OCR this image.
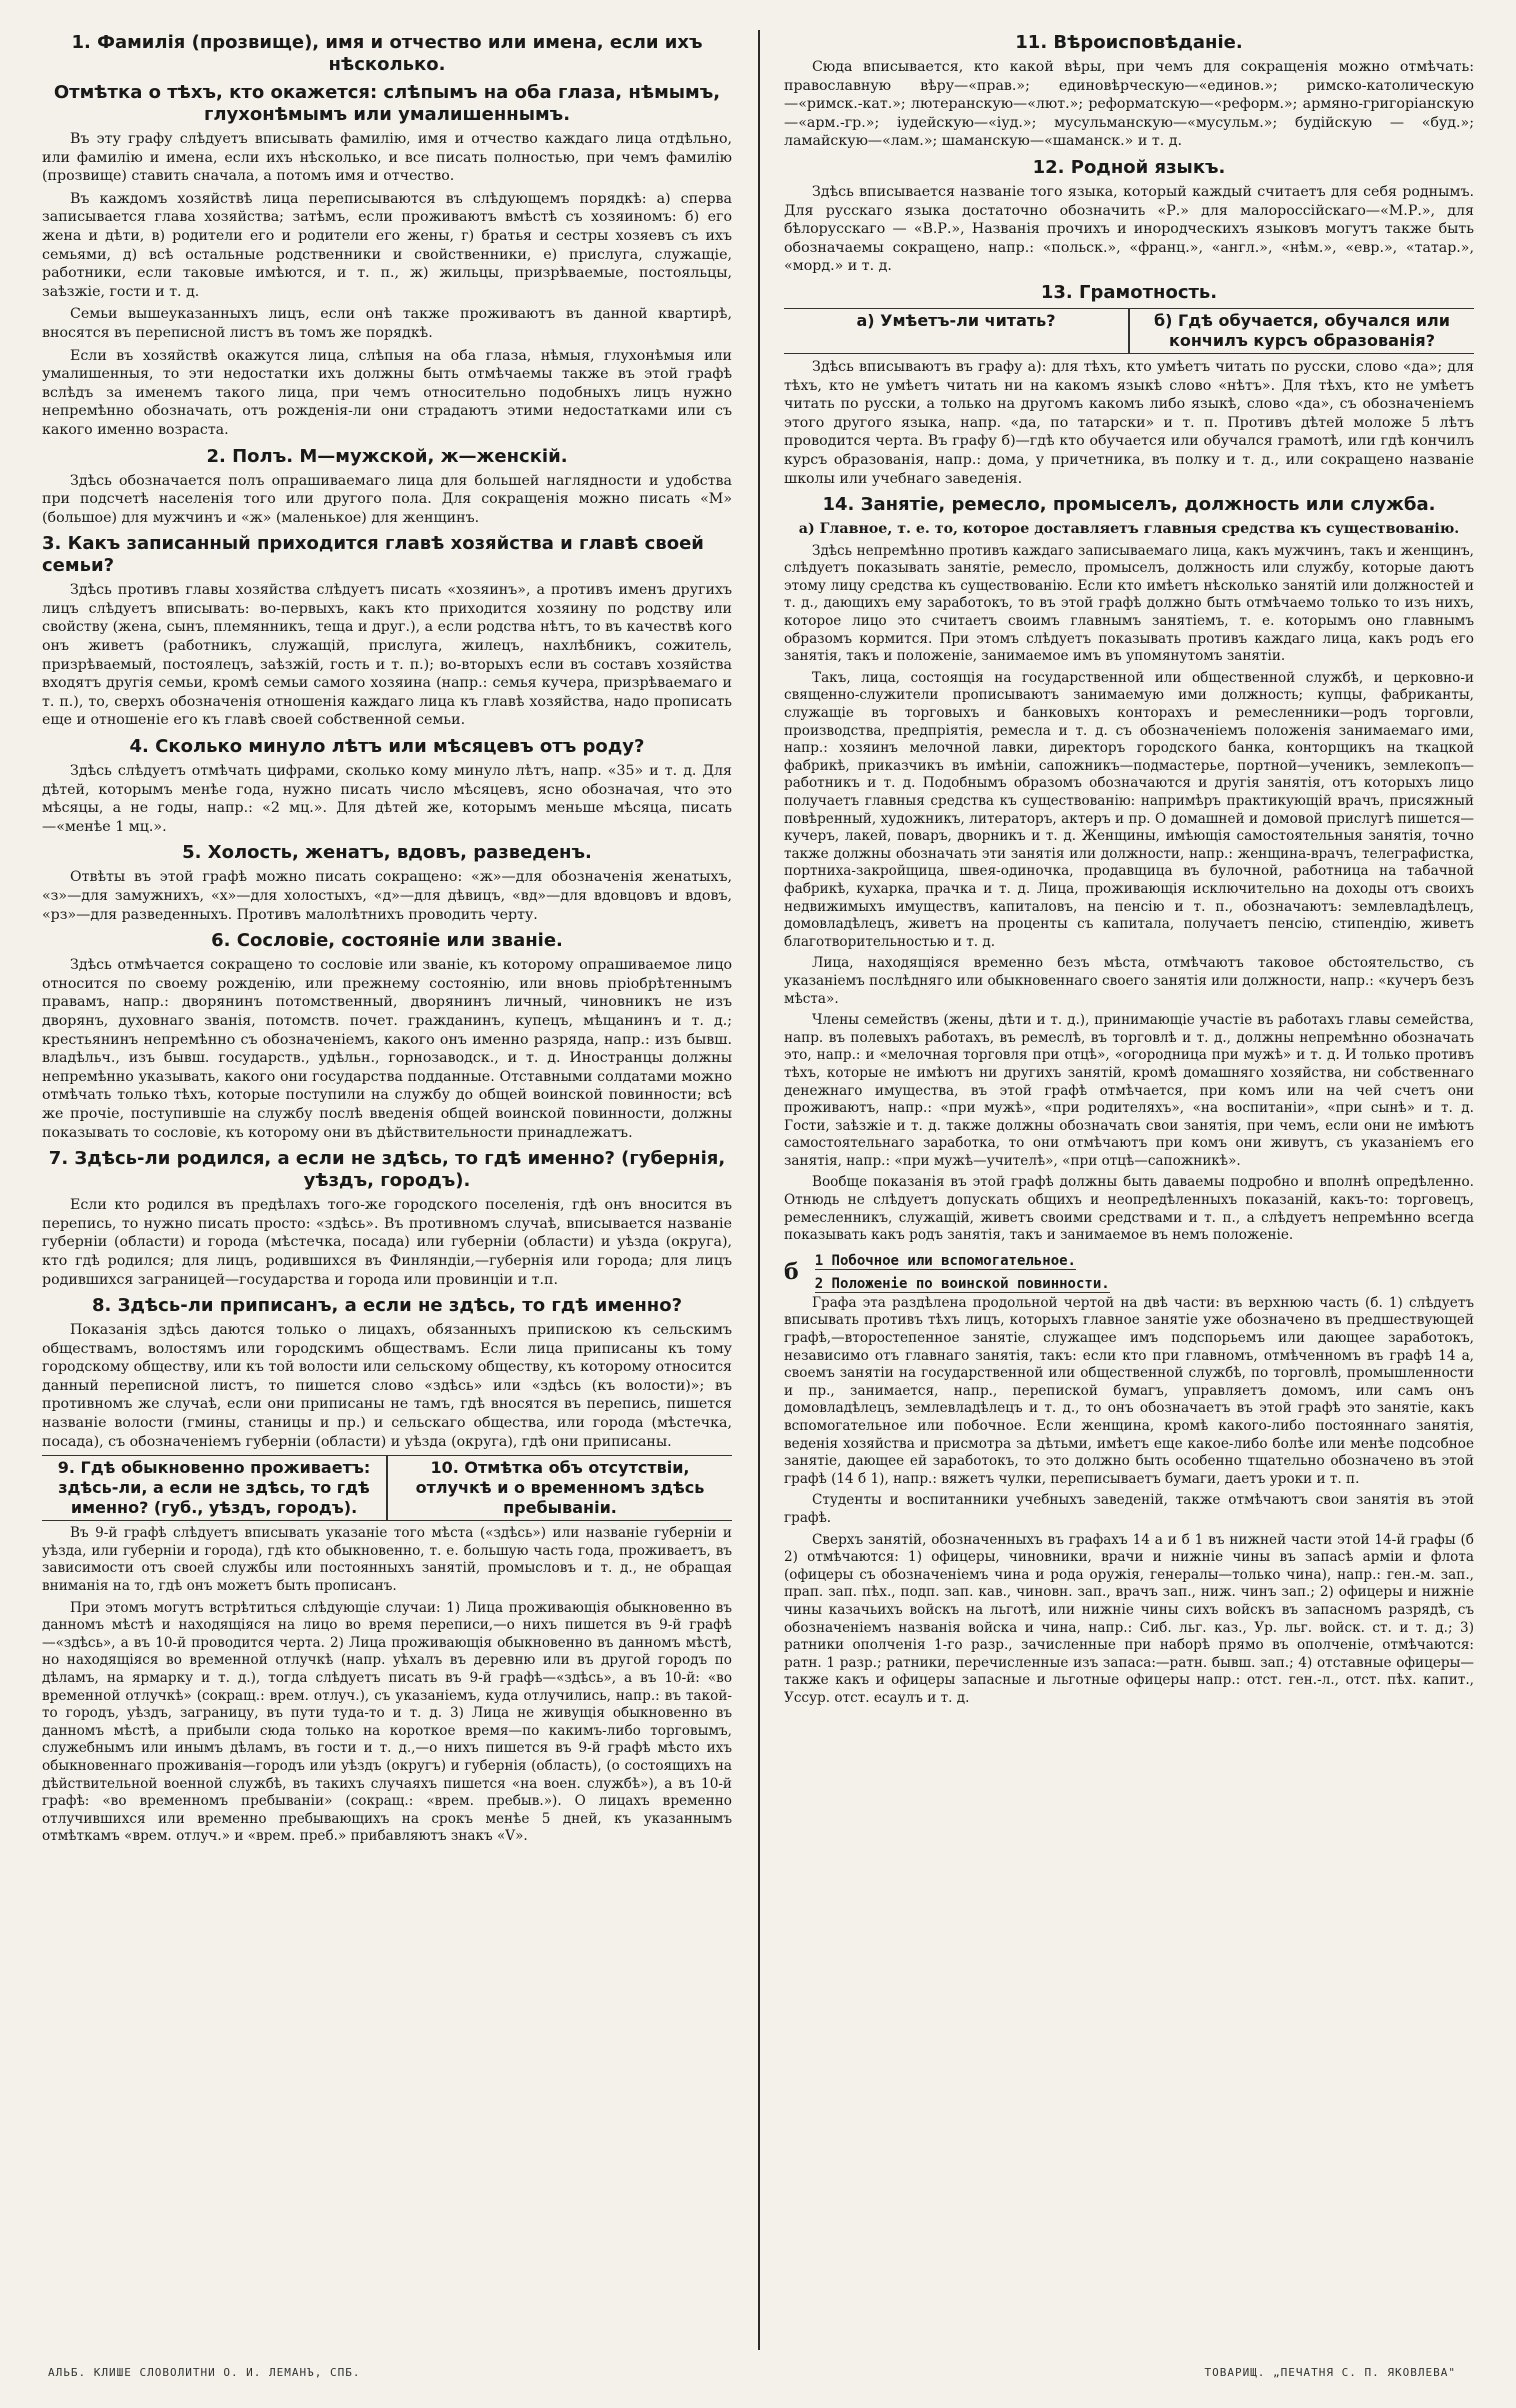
1. Фамилія (прозвище), имя и отчество или имена, если ихъ нѣсколько.
Отмѣтка о тѣхъ, кто окажется: слѣпымъ на оба глаза, нѣмымъ, глухонѣмымъ или умалишеннымъ.

Въ эту графу слѣдуетъ вписывать фамилію, имя и отчество каждаго лица отдѣльно, или фамилію и имена, если ихъ нѣсколько, и все писать полностью, при чемъ фамилію (прозвище) ставить сначала, а потомъ имя и отчество.

Въ каждомъ хозяйствѣ лица переписываются въ слѣдующемъ порядкѣ: а) сперва записывается глава хозяйства; затѣмъ, если проживаютъ вмѣстѣ съ хозяиномъ: б) его жена и дѣти, в) родители его и родители его жены, г) братья и сестры хозяевъ съ ихъ семьями, д) всѣ остальные родственники и свойственники, е) прислуга, служащіе, работники, если таковые имѣются, и т. п., ж) жильцы, призрѣваемые, постояльцы, заѣзжіе, гости и т. д.

Семьи вышеуказанныхъ лицъ, если онѣ также проживаютъ въ данной квартирѣ, вносятся въ переписной листъ въ томъ же порядкѣ.

Если въ хозяйствѣ окажутся лица, слѣпыя на оба глаза, нѣмыя, глухонѣмыя или умалишенныя, то эти недостатки ихъ должны быть отмѣчаемы также въ этой графѣ вслѣдъ за именемъ такого лица, при чемъ относительно подобныхъ лицъ нужно непремѣнно обозначать, отъ рожденія-ли они страдаютъ этими недостатками или съ какого именно возраста.

2. Полъ. М—мужской, ж—женскій.

Здѣсь обозначается полъ опрашиваемаго лица для большей наглядности и удобства при подсчетѣ населенія того или другого пола. Для сокращенія можно писать «М» (большое) для мужчинъ и «ж» (маленькое) для женщинъ.

3. Какъ записанный приходится главѣ хозяйства и главѣ своей семьи?

Здѣсь противъ главы хозяйства слѣдуетъ писать «хозяинъ», а противъ именъ другихъ лицъ слѣдуетъ вписывать: во-первыхъ, какъ кто приходится хозяину по родству или свойству (жена, сынъ, племянникъ, теща и друг.), а если родства нѣтъ, то въ качествѣ кого онъ живетъ (работникъ, служащій, прислуга, жилецъ, нахлѣбникъ, сожитель, призрѣваемый, постоялецъ, заѣзжій, гость и т. п.); во-вторыхъ если въ составъ хозяйства входятъ другія семьи, кромѣ семьи самого хозяина (напр.: семья кучера, призрѣваемаго и т. п.), то, сверхъ обозначенія отношенія каждаго лица къ главѣ хозяйства, надо прописать еще и отношеніе его къ главѣ своей собственной семьи.

4. Сколько минуло лѣтъ или мѣсяцевъ отъ роду?

Здѣсь слѣдуетъ отмѣчать цифрами, сколько кому минуло лѣтъ, напр. «35» и т. д. Для дѣтей, которымъ менѣе года, нужно писать число мѣсяцевъ, ясно обозначая, что это мѣсяцы, а не годы, напр.: «2 мц.». Для дѣтей же, которымъ меньше мѣсяца, писать—«менѣе 1 мц.».

5. Холость, женатъ, вдовъ, разведенъ.

Отвѣты въ этой графѣ можно писать сокращено: «ж»—для обозначенія женатыхъ, «з»—для замужнихъ, «х»—для холостыхъ, «д»—для дѣвицъ, «вд»—для вдовцовъ и вдовъ, «рз»—для разведенныхъ. Противъ малолѣтнихъ проводить черту.

6. Сословіе, состояніе или званіе.

Здѣсь отмѣчается сокращено то сословіе или званіе, къ которому опрашиваемое лицо относится по своему рожденію, или прежнему состоянію, или вновь пріобрѣтеннымъ правамъ, напр.: дворянинъ потомственный, дворянинъ личный, чиновникъ не изъ дворянъ, духовнаго званія, потомств. почет. гражданинъ, купецъ, мѣщанинъ и т. д.; крестьянинъ непремѣнно съ обозначеніемъ, какого онъ именно разряда, напр.: изъ бывш. владѣльч., изъ бывш. государств., удѣльн., горнозаводск., и т. д. Иностранцы должны непремѣнно указывать, какого они государства подданные. Отставными солдатами можно отмѣчать только тѣхъ, которые поступили на службу до общей воинской повинности; всѣ же прочіе, поступившіе на службу послѣ введенія общей воинской повинности, должны показывать то сословіе, къ которому они въ дѣйствительности принадлежатъ.

7. Здѣсь-ли родился, а если не здѣсь, то гдѣ именно? (губернія, уѣздъ, городъ).

Если кто родился въ предѣлахъ того-же городского поселенія, гдѣ онъ вносится въ перепись, то нужно писать просто: «здѣсь». Въ противномъ случаѣ, вписывается названіе губерніи (области) и города (мѣстечка, посада) или губерніи (области) и уѣзда (округа), кто гдѣ родился; для лицъ, родившихся въ Финляндіи,—губернія или города; для лицъ родившихся заграницей—государства и города или провинціи и т.п.

8. Здѣсь-ли приписанъ, а если не здѣсь, то гдѣ именно?

Показанія здѣсь даются только о лицахъ, обязанныхъ припискою къ сельскимъ обществамъ, волостямъ или городскимъ обществамъ. Если лица приписаны къ тому городскому обществу, или къ той волости или сельскому обществу, къ которому относится данный переписной листъ, то пишется слово «здѣсь» или «здѣсь (къ волости)»; въ противномъ же случаѣ, если они приписаны не тамъ, гдѣ вносятся въ перепись, пишется названіе волости (гмины, станицы и пр.) и сельскаго общества, или города (мѣстечка, посада), съ обозначеніемъ губерніи (области) и уѣзда (округа), гдѣ они приписаны.

9. Гдѣ обыкновенно проживаетъ: здѣсь-ли, а если не здѣсь, то гдѣ именно? (губ., уѣздъ, городъ).
10. Отмѣтка объ отсутствіи, отлучкѣ и о временномъ здѣсь пребываніи.

Въ 9-й графѣ слѣдуетъ вписывать указаніе того мѣста («здѣсь») или названіе губерніи и уѣзда, или губерніи и города), гдѣ кто обыкновенно, т. е. большую часть года, проживаетъ, въ зависимости отъ своей службы или постоянныхъ занятій, промысловъ и т. д., не обращая вниманія на то, гдѣ онъ можетъ быть прописанъ.

При этомъ могутъ встрѣтиться слѣдующіе случаи: 1) Лица проживающія обыкновенно въ данномъ мѣстѣ и находящіяся на лицо во время переписи,—о нихъ пишется въ 9-й графѣ—«здѣсь», а въ 10-й проводится черта. 2) Лица проживающія обыкновенно въ данномъ мѣстѣ, но находящіяся во временной отлучкѣ (напр. уѣхалъ въ деревню или въ другой городъ по дѣламъ, на ярмарку и т. д.), тогда слѣдуетъ писать въ 9-й графѣ—«здѣсь», а въ 10-й: «во временной отлучкѣ» (сокращ.: врем. отлуч.), съ указаніемъ, куда отлучились, напр.: въ такой-то городъ, уѣздъ, заграницу, въ пути туда-то и т. д. 3) Лица не живущія обыкновенно въ данномъ мѣстѣ, а прибыли сюда только на короткое время—по какимъ-либо торговымъ, служебнымъ или инымъ дѣламъ, въ гости и т. д.,—о нихъ пишется въ 9-й графѣ мѣсто ихъ обыкновеннаго проживанія—городъ или уѣздъ (округъ) и губернія (область), (о состоящихъ на дѣйствительной военной службѣ, въ такихъ случаяхъ пишется «на воен. службѣ»), а въ 10-й графѣ: «во временномъ пребываніи» (сокращ.: «врем. пребыв.»). О лицахъ временно отлучившихся или временно пребывающихъ на срокъ менѣе 5 дней, къ указаннымъ отмѣткамъ «врем. отлуч.» и «врем. преб.» прибавляютъ знакъ «V».

11. Вѣроисповѣданіе.

Сюда вписывается, кто какой вѣры, при чемъ для сокращенія можно отмѣчать: православную вѣру—«прав.»; единовѣрческую—«единов.»; римско-католическую—«римск.-кат.»; лютеранскую—«лют.»; реформатскую—«реформ.»; армяно-григоріанскую—«арм.-гр.»; іудейскую—«іуд.»; мусульманскую—«мусульм.»; будійскую — «буд.»; ламайскую—«лам.»; шаманскую—«шаманск.» и т. д.

12. Родной языкъ.

Здѣсь вписывается названіе того языка, который каждый считаетъ для себя роднымъ. Для русскаго языка достаточно обозначить «Р.» для малороссійскаго—«М.Р.», для бѣлорусскаго — «В.Р.», Названія прочихъ и инородческихъ языковъ могутъ также быть обозначаемы сокращено, напр.: «польск.», «франц.», «англ.», «нѣм.», «евр.», «татар.», «морд.» и т. д.

13. Грамотность.
а) Умѣетъ-ли читать?	б) Гдѣ обучается, обучался или кончилъ курсъ образованія?

Здѣсь вписываютъ въ графу а): для тѣхъ, кто умѣетъ читать по русски, слово «да»; для тѣхъ, кто не умѣетъ читать ни на какомъ языкѣ слово «нѣтъ». Для тѣхъ, кто не умѣетъ читать по русски, а только на другомъ какомъ либо языкѣ, слово «да», съ обозначеніемъ этого другого языка, напр. «да, по татарски» и т. п. Противъ дѣтей моложе 5 лѣтъ проводится черта. Въ графу б)—гдѣ кто обучается или обучался грамотѣ, или гдѣ кончилъ курсъ образованія, напр.: дома, у причетника, въ полку и т. д., или сокращено названіе школы или учебнаго заведенія.

14. Занятіе, ремесло, промыселъ, должность или служба.

а) Главное, т. е. то, которое доставляетъ главныя средства къ существованію.

Здѣсь непремѣнно противъ каждаго записываемаго лица, какъ мужчинъ, такъ и женщинъ, слѣдуетъ показывать занятіе, ремесло, промыселъ, должность или службу, которые даютъ этому лицу средства къ существованію. Если кто имѣетъ нѣсколько занятій или должностей и т. д., дающихъ ему заработокъ, то въ этой графѣ должно быть отмѣчаемо только то изъ нихъ, которое лицо это считаетъ своимъ главнымъ занятіемъ, т. е. которымъ оно главнымъ образомъ кормится. При этомъ слѣдуетъ показывать противъ каждаго лица, какъ родъ его занятія, такъ и положеніе, занимаемое имъ въ упомянутомъ занятіи.

Такъ, лица, состоящія на государственной или общественной службѣ, и церковно-и священно-служители прописываютъ занимаемую ими должность; купцы, фабриканты, служащіе въ торговыхъ и банковыхъ конторахъ и ремесленники—родъ торговли, производства, предпріятія, ремесла и т. д. съ обозначеніемъ положенія занимаемаго ими, напр.: хозяинъ мелочной лавки, директоръ городского банка, конторщикъ на ткацкой фабрикѣ, приказчикъ въ имѣніи, сапожникъ—подмастерье, портной—ученикъ, землекопъ—работникъ и т. д. Подобнымъ образомъ обозначаются и другія занятія, отъ которыхъ лицо получаетъ главныя средства къ существованію: напримѣръ практикующій врачъ, присяжный повѣренный, художникъ, литераторъ, актеръ и пр. О домашней и домовой прислугѣ пишется—кучеръ, лакей, поваръ, дворникъ и т. д. Женщины, имѣющія самостоятельныя занятія, точно также должны обозначать эти занятія или должности, напр.: женщина-врачъ, телеграфистка, портниха-закройщица, швея-одиночка, продавщица въ булочной, работница на табачной фабрикѣ, кухарка, прачка и т. д. Лица, проживающія исключительно на доходы отъ своихъ недвижимыхъ имуществъ, капиталовъ, на пенсію и т. п., обозначаютъ: землевладѣлецъ, домовладѣлецъ, живетъ на проценты съ капитала, получаетъ пенсію, стипендію, живетъ благотворительностью и т. д.

Лица, находящіяся временно безъ мѣста, отмѣчаютъ таковое обстоятельство, съ указаніемъ послѣдняго или обыкновеннаго своего занятія или должности, напр.: «кучеръ безъ мѣста».

Члены семействъ (жены, дѣти и т. д.), принимающіе участіе въ работахъ главы семейства, напр. въ полевыхъ работахъ, въ ремеслѣ, въ торговлѣ и т. д., должны непремѣнно обозначать это, напр.: и «мелочная торговля при отцѣ», «огородница при мужѣ» и т. д. И только противъ тѣхъ, которые не имѣютъ ни другихъ занятій, кромѣ домашняго хозяйства, ни собственнаго денежнаго имущества, въ этой графѣ отмѣчается, при комъ или на чей счетъ они проживаютъ, напр.: «при мужѣ», «при родителяхъ», «на воспитаніи», «при сынѣ» и т. д. Гости, заѣзжіе и т. д. также должны обозначать свои занятія, при чемъ, если они не имѣютъ самостоятельнаго заработка, то они отмѣчаютъ при комъ они живутъ, съ указаніемъ его занятія, напр.: «при мужѣ—учителѣ», «при отцѣ—сапожникѣ».

Вообще показанія въ этой графѣ должны быть даваемы подробно и вполнѣ опредѣленно. Отнюдь не слѣдуетъ допускать общихъ и неопредѣленныхъ показаній, какъ-то: торговецъ, ремесленникъ, служащій, живетъ своими средствами и т. п., а слѣдуетъ непремѣнно всегда показывать какъ родъ занятія, такъ и занимаемое въ немъ положеніе.

б	1 Побочное или вспомогательное.
2 Положеніе по воинской повинности.

Графа эта раздѣлена продольной чертой на двѣ части: въ верхнюю часть (б. 1) слѣдуетъ вписывать противъ тѣхъ лицъ, которыхъ главное занятіе уже обозначено въ предшествующей графѣ,—второстепенное занятіе, служащее имъ подспорьемъ или дающее заработокъ, независимо отъ главнаго занятія, такъ: если кто при главномъ, отмѣченномъ въ графѣ 14 а, своемъ занятіи на государственной или общественной службѣ, по торговлѣ, промышленности и пр., занимается, напр., перепиской бумагъ, управляетъ домомъ, или самъ онъ домовладѣлецъ, землевладѣлецъ и т. д., то онъ обозначаетъ въ этой графѣ это занятіе, какъ вспомогательное или побочное. Если женщина, кромѣ какого-либо постояннаго занятія, веденія хозяйства и присмотра за дѣтьми, имѣетъ еще какое-либо болѣе или менѣе подсобное занятіе, дающее ей заработокъ, то это должно быть особенно тщательно обозначено въ этой графѣ (14 б 1), напр.: вяжетъ чулки, переписываетъ бумаги, даетъ уроки и т. п.

Студенты и воспитанники учебныхъ заведеній, также отмѣчаютъ свои занятія въ этой графѣ.

Сверхъ занятій, обозначенныхъ въ графахъ 14 а и б 1 въ нижней части этой 14-й графы (б 2) отмѣчаются: 1) офицеры, чиновники, врачи и нижніе чины въ запасѣ арміи и флота (офицеры съ обозначеніемъ чина и рода оружія, генералы—только чина), напр.: ген.-м. зап., прап. зап. пѣх., подп. зап. кав., чиновн. зап., врачъ зап., ниж. чинъ зап.; 2) офицеры и нижніе чины казачьихъ войскъ на льготѣ, или нижніе чины сихъ войскъ въ запасномъ разрядѣ, съ обозначеніемъ названія войска и чина, напр.: Сиб. льг. каз., Ур. льг. войск. ст. и т. д.; 3) ратники ополченія 1-го разр., зачисленные при наборѣ прямо въ ополченіе, отмѣчаются: ратн. 1 разр.; ратники, перечисленные изъ запаса:—ратн. бывш. зап.; 4) отставные офицеры—также какъ и офицеры запасные и льготные офицеры напр.: отст. ген.-л., отст. пѣх. капит., Уссур. отст. есаулъ и т. д.

АЛЬБ. КЛИШЕ СЛОВОЛИТНИ О. И. ЛЕМАНЪ, СПБ.	ТОВАРИЩ. „ПЕЧАТНЯ С. П. ЯКОВЛЕВА"
